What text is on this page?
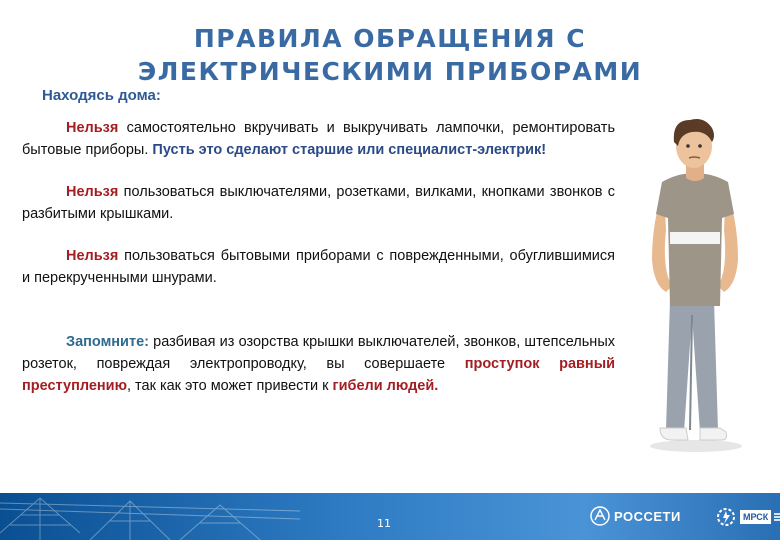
ПРАВИЛА ОБРАЩЕНИЯ С
ЭЛЕКТРИЧЕСКИМИ ПРИБОРАМИ
Находясь дома:

Нельзя самостоятельно вкручивать и выкручивать лампочки, ремонтировать бытовые приборы. Пусть это сделают старшие или специалист-электрик!

Нельзя пользоваться выключателями, розетками, вилками, кнопками звонков с разбитыми крышками.

Нельзя пользоваться бытовыми приборами с поврежденными, обуглившимися и перекрученными шнурами.

Запомните: разбивая из озорства крышки выключателей, звонков, штепсельных розеток, повреждая электропроводку, вы совершаете проступок равный преступлению, так как это может привести к гибели людей.

11	РОССЕТИ	МРСК
